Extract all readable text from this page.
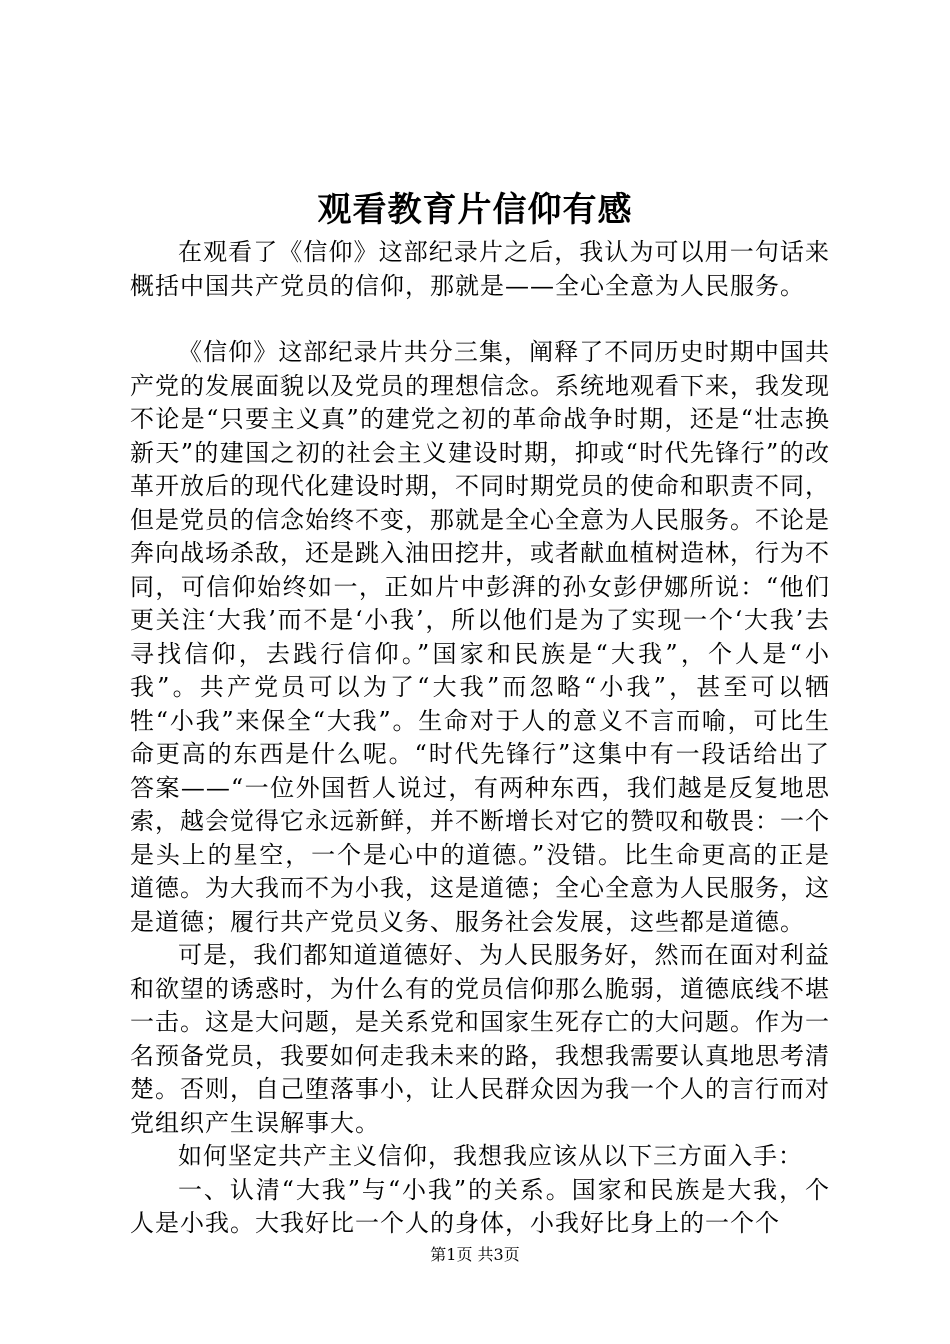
观看教育片信仰有感

在观看了《信仰》这部纪录片之后，我认为可以用一句话来概括中国共产党员的信仰，那就是——全心全意为人民服务。

《信仰》这部纪录片共分三集，阐释了不同历史时期中国共产党的发展面貌以及党员的理想信念。系统地观看下来，我发现不论是“只要主义真”的建党之初的革命战争时期，还是“壮志换新天”的建国之初的社会主义建设时期，抑或“时代先锋行”的改革开放后的现代化建设时期，不同时期党员的使命和职责不同，但是党员的信念始终不变，那就是全心全意为人民服务。不论是奔向战场杀敌，还是跳入油田挖井，或者献血植树造林，行为不同，可信仰始终如一，正如片中彭湃的孙女彭伊娜所说：“他们更关注‘大我’而不是‘小我’，所以他们是为了实现一个‘大我’去寻找信仰，去践行信仰。”国家和民族是“大我”，个人是“小我”。共产党员可以为了“大我”而忽略“小我”，甚至可以牺牲“小我”来保全“大我”。生命对于人的意义不言而喻，可比生命更高的东西是什么呢。“时代先锋行”这集中有一段话给出了答案——“一位外国哲人说过，有两种东西，我们越是反复地思索，越会觉得它永远新鲜，并不断增长对它的赞叹和敬畏：一个是头上的星空，一个是心中的道德。”没错。比生命更高的正是道德。为大我而不为小我，这是道德；全心全意为人民服务，这是道德；履行共产党员义务、服务社会发展，这些都是道德。

可是，我们都知道道德好、为人民服务好，然而在面对利益和欲望的诱惑时，为什么有的党员信仰那么脆弱，道德底线不堪一击。这是大问题，是关系党和国家生死存亡的大问题。作为一名预备党员，我要如何走我未来的路，我想我需要认真地思考清楚。否则，自己堕落事小，让人民群众因为我一个人的言行而对党组织产生误解事大。

如何坚定共产主义信仰，我想我应该从以下三方面入手：

一、认清“大我”与“小我”的关系。国家和民族是大我，个人是小我。大我好比一个人的身体，小我好比身上的一个个

第1页 共3页
